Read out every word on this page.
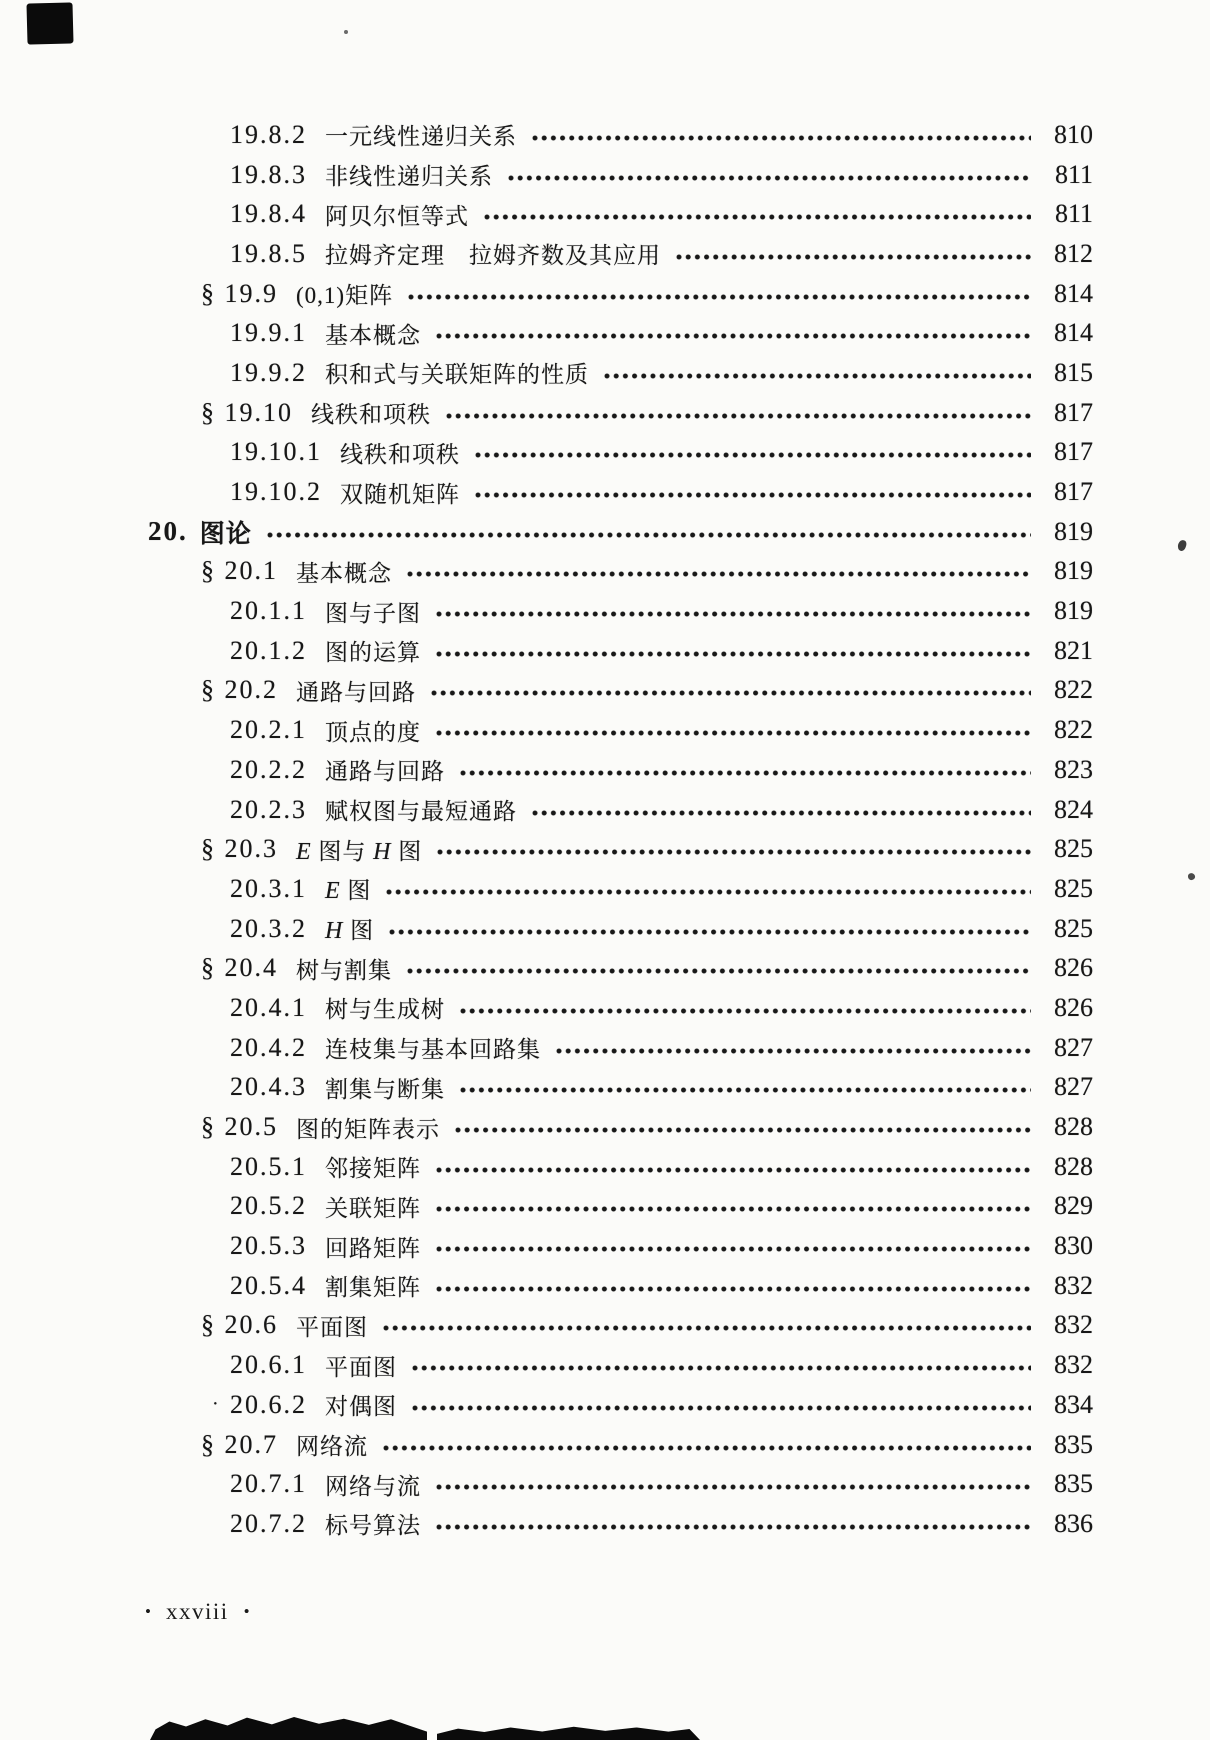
19.8.2 一元线性递归关系	810
19.8.3 非线性递归关系	811
19.8.4 阿贝尔恒等式	811
19.8.5 拉姆齐定理　拉姆齐数及其应用	812
§ 19.9 (0,1)矩阵	814
19.9.1 基本概念	814
19.9.2 积和式与关联矩阵的性质	815
§ 19.10 线秩和项秩	817
19.10.1 线秩和项秩	817
19.10.2 双随机矩阵	817
20. 图论	819
§ 20.1 基本概念	819
20.1.1 图与子图	819
20.1.2 图的运算	821
§ 20.2 通路与回路	822
20.2.1 顶点的度	822
20.2.2 通路与回路	823
20.2.3 赋权图与最短通路	824
§ 20.3 E 图与 H 图	825
20.3.1 E 图	825
20.3.2 H 图	825
§ 20.4 树与割集	826
20.4.1 树与生成树	826
20.4.2 连枝集与基本回路集	827
20.4.3 割集与断集	827
§ 20.5 图的矩阵表示	828
20.5.1 邻接矩阵	828
20.5.2 关联矩阵	829
20.5.3 回路矩阵	830
20.5.4 割集矩阵	832
§ 20.6 平面图	832
20.6.1 平面图	832
· 20.6.2 对偶图	834
§ 20.7 网络流	835
20.7.1 网络与流	835
20.7.2 标号算法	836
• xxviii •
